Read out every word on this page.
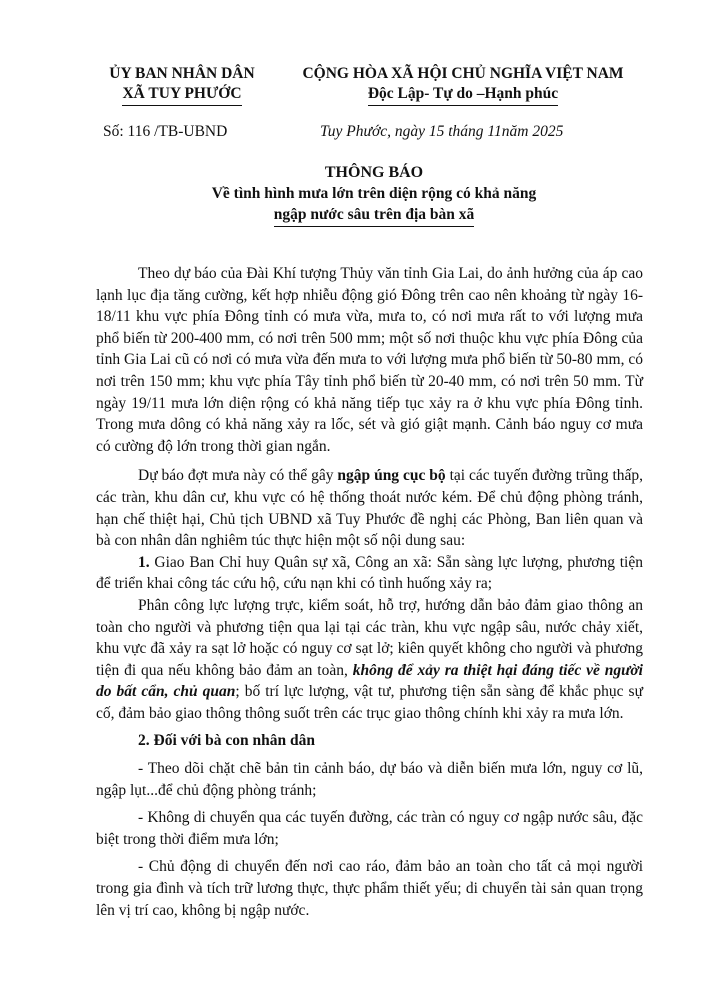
ỦY BAN NHÂN DÂN
XÃ TUY PHƯỚC
CỘNG HÒA XÃ HỘI CHỦ NGHĨA VIỆT NAM
Độc Lập- Tự do –Hạnh phúc
Số: 116 /TB-UBND	Tuy Phước, ngày 15 tháng 11năm 2025
THÔNG BÁO
Về tình hình mưa lớn trên diện rộng có khả năng
ngập nước sâu trên địa bàn xã

Theo dự báo của Đài Khí tượng Thủy văn tỉnh Gia Lai, do ảnh hưởng của áp cao lạnh lục địa tăng cường, kết hợp nhiễu động gió Đông trên cao nên khoảng từ ngày 16-18/11 khu vực phía Đông tỉnh có mưa vừa, mưa to, có nơi mưa rất to với lượng mưa phổ biến từ 200-400 mm, có nơi trên 500 mm; một số nơi thuộc khu vực phía Đông của tỉnh Gia Lai cũ có nơi có mưa vừa đến mưa to với lượng mưa phổ biến từ 50-80 mm, có nơi trên 150 mm; khu vực phía Tây tỉnh phổ biến từ 20-40 mm, có nơi trên 50 mm. Từ ngày 19/11 mưa lớn diện rộng có khả năng tiếp tục xảy ra ở khu vực phía Đông tỉnh. Trong mưa dông có khả năng xảy ra lốc, sét và gió giật mạnh. Cảnh báo nguy cơ mưa có cường độ lớn trong thời gian ngắn.

Dự báo đợt mưa này có thể gây ngập úng cục bộ tại các tuyến đường trũng thấp, các tràn, khu dân cư, khu vực có hệ thống thoát nước kém. Để chủ động phòng tránh, hạn chế thiệt hại, Chủ tịch UBND xã Tuy Phước đề nghị các Phòng, Ban liên quan và bà con nhân dân nghiêm túc thực hiện một số nội dung sau:

1. Giao Ban Chỉ huy Quân sự xã, Công an xã: Sẵn sàng lực lượng, phương tiện để triển khai công tác cứu hộ, cứu nạn khi có tình huống xảy ra;

Phân công lực lượng trực, kiểm soát, hỗ trợ, hướng dẫn bảo đảm giao thông an toàn cho người và phương tiện qua lại tại các tràn, khu vực ngập sâu, nước chảy xiết, khu vực đã xảy ra sạt lở hoặc có nguy cơ sạt lở; kiên quyết không cho người và phương tiện đi qua nếu không bảo đảm an toàn, không để xảy ra thiệt hại đáng tiếc về người do bất cẩn, chủ quan; bố trí lực lượng, vật tư, phương tiện sẵn sàng để khắc phục sự cố, đảm bảo giao thông thông suốt trên các trục giao thông chính khi xảy ra mưa lớn.

2. Đối với bà con nhân dân

- Theo dõi chặt chẽ bản tin cảnh báo, dự báo và diễn biến mưa lớn, nguy cơ lũ, ngập lụt...để chủ động phòng tránh;

- Không di chuyển qua các tuyến đường, các tràn có nguy cơ ngập nước sâu, đặc biệt trong thời điểm mưa lớn;

- Chủ động di chuyển đến nơi cao ráo, đảm bảo an toàn cho tất cả mọi người trong gia đình và tích trữ lương thực, thực phẩm thiết yếu; di chuyển tài sản quan trọng lên vị trí cao, không bị ngập nước.
